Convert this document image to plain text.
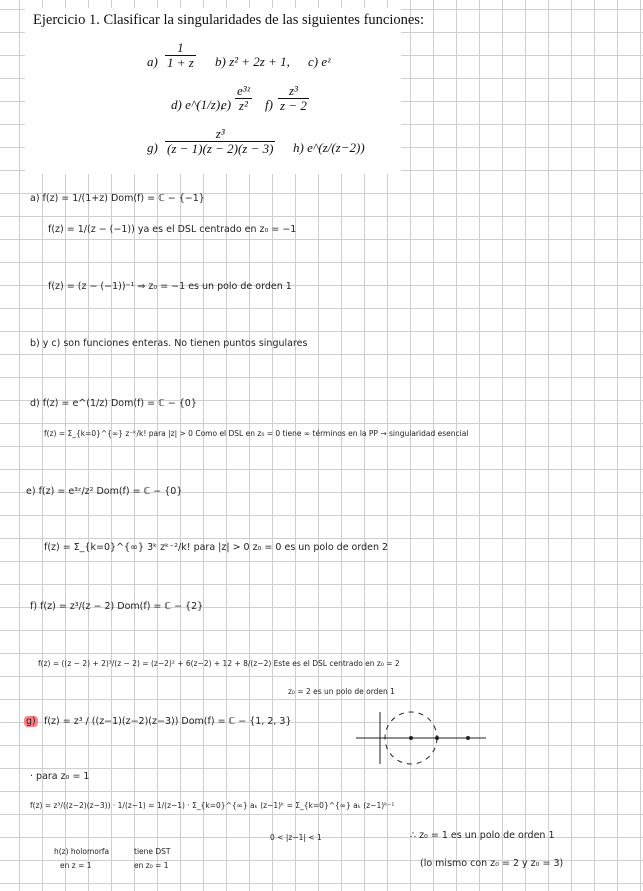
Ejercicio 1. Clasificar la singularidades de las siguientes funciones:
a)
1
1 + z b) z² + 2z + 1, c) eᶻ
d) e^(1/z),
e)
e³ᶻ
z² f)
z³
z − 2
g)
z³
(z − 1)(z − 2)(z − 3) h) e^(z/(z−2))
a) f(z) = 1/(1+z) Dom(f) = ℂ − {−1}
f(z) = 1/(z − (−1)) ya es el DSL centrado en z₀ = −1
f(z) = (z − (−1))⁻¹ ⇒ z₀ = −1 es un polo de orden 1
b) y c) son funciones enteras. No tienen puntos singulares
d) f(z) = e^(1/z) Dom(f) = ℂ − {0}
f(z) = Σ_{k=0}^{∞} z⁻ᵏ/k! para |z| > 0 Como el DSL en z₀ = 0 tiene ∞ términos en la PP → singularidad esencial
e) f(z) = e³ᶻ/z² Dom(f) = ℂ − {0}
f(z) = Σ_{k=0}^{∞} 3ᵏ zᵏ⁻²/k! para |z| > 0 z₀ = 0 es un polo de orden 2
f) f(z) = z³/(z − 2) Dom(f) = ℂ − {2}
f(z) = ((z − 2) + 2)³/(z − 2) = (z−2)² + 6(z−2) + 12 + 8/(z−2) Este es el DSL centrado en z₀ = 2
z₀ = 2 es un polo de orden 1
g) f(z) = z³ / ((z−1)(z−2)(z−3)) Dom(f) = ℂ − {1, 2, 3}
· para z₀ = 1
f(z) = z³/((z−2)(z−3)) · 1/(z−1) = 1/(z−1) · Σ_{k=0}^{∞} aₖ (z−1)ᵏ = Σ_{k=0}^{∞} aₖ (z−1)ᵏ⁻¹
0 < |z−1| < 1
h(z) holomorfa
en z = 1
tiene DST
en z₀ = 1
∴ z₀ = 1 es un polo de orden 1
(lo mismo con z₀ = 2 y z₀ = 3)
